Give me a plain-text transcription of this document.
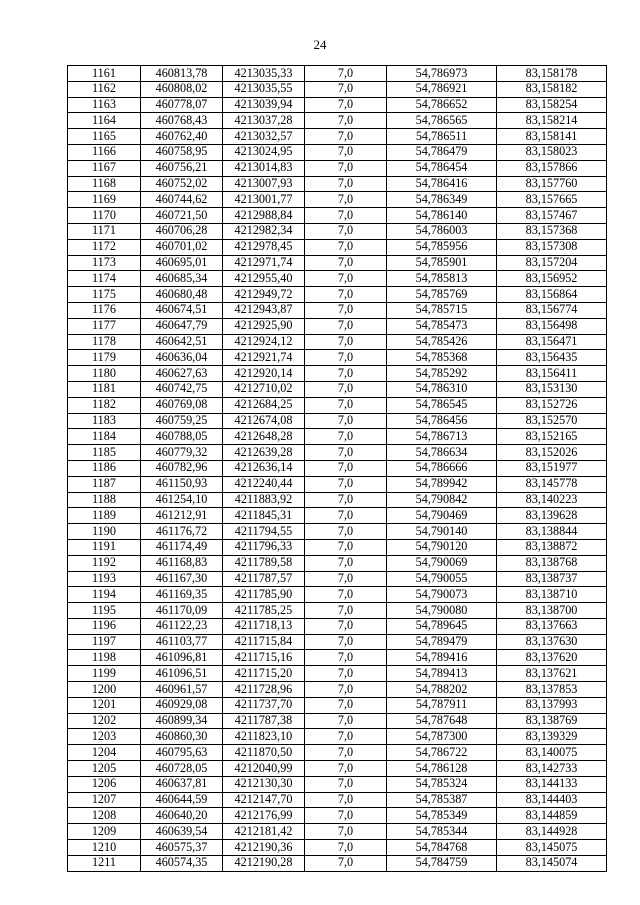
24
1161	460813,78	4213035,33	7,0	54,786973	83,158178
1162	460808,02	4213035,55	7,0	54,786921	83,158182
1163	460778,07	4213039,94	7,0	54,786652	83,158254
1164	460768,43	4213037,28	7,0	54,786565	83,158214
1165	460762,40	4213032,57	7,0	54,786511	83,158141
1166	460758,95	4213024,95	7,0	54,786479	83,158023
1167	460756,21	4213014,83	7,0	54,786454	83,157866
1168	460752,02	4213007,93	7,0	54,786416	83,157760
1169	460744,62	4213001,77	7,0	54,786349	83,157665
1170	460721,50	4212988,84	7,0	54,786140	83,157467
1171	460706,28	4212982,34	7,0	54,786003	83,157368
1172	460701,02	4212978,45	7,0	54,785956	83,157308
1173	460695,01	4212971,74	7,0	54,785901	83,157204
1174	460685,34	4212955,40	7,0	54,785813	83,156952
1175	460680,48	4212949,72	7,0	54,785769	83,156864
1176	460674,51	4212943,87	7,0	54,785715	83,156774
1177	460647,79	4212925,90	7,0	54,785473	83,156498
1178	460642,51	4212924,12	7,0	54,785426	83,156471
1179	460636,04	4212921,74	7,0	54,785368	83,156435
1180	460627,63	4212920,14	7,0	54,785292	83,156411
1181	460742,75	4212710,02	7,0	54,786310	83,153130
1182	460769,08	4212684,25	7,0	54,786545	83,152726
1183	460759,25	4212674,08	7,0	54,786456	83,152570
1184	460788,05	4212648,28	7,0	54,786713	83,152165
1185	460779,32	4212639,28	7,0	54,786634	83,152026
1186	460782,96	4212636,14	7,0	54,786666	83,151977
1187	461150,93	4212240,44	7,0	54,789942	83,145778
1188	461254,10	4211883,92	7,0	54,790842	83,140223
1189	461212,91	4211845,31	7,0	54,790469	83,139628
1190	461176,72	4211794,55	7,0	54,790140	83,138844
1191	461174,49	4211796,33	7,0	54,790120	83,138872
1192	461168,83	4211789,58	7,0	54,790069	83,138768
1193	461167,30	4211787,57	7,0	54,790055	83,138737
1194	461169,35	4211785,90	7,0	54,790073	83,138710
1195	461170,09	4211785,25	7,0	54,790080	83,138700
1196	461122,23	4211718,13	7,0	54,789645	83,137663
1197	461103,77	4211715,84	7,0	54,789479	83,137630
1198	461096,81	4211715,16	7,0	54,789416	83,137620
1199	461096,51	4211715,20	7,0	54,789413	83,137621
1200	460961,57	4211728,96	7,0	54,788202	83,137853
1201	460929,08	4211737,70	7,0	54,787911	83,137993
1202	460899,34	4211787,38	7,0	54,787648	83,138769
1203	460860,30	4211823,10	7,0	54,787300	83,139329
1204	460795,63	4211870,50	7,0	54,786722	83,140075
1205	460728,05	4212040,99	7,0	54,786128	83,142733
1206	460637,81	4212130,30	7,0	54,785324	83,144133
1207	460644,59	4212147,70	7,0	54,785387	83,144403
1208	460640,20	4212176,99	7,0	54,785349	83,144859
1209	460639,54	4212181,42	7,0	54,785344	83,144928
1210	460575,37	4212190,36	7,0	54,784768	83,145075
1211	460574,35	4212190,28	7,0	54,784759	83,145074
